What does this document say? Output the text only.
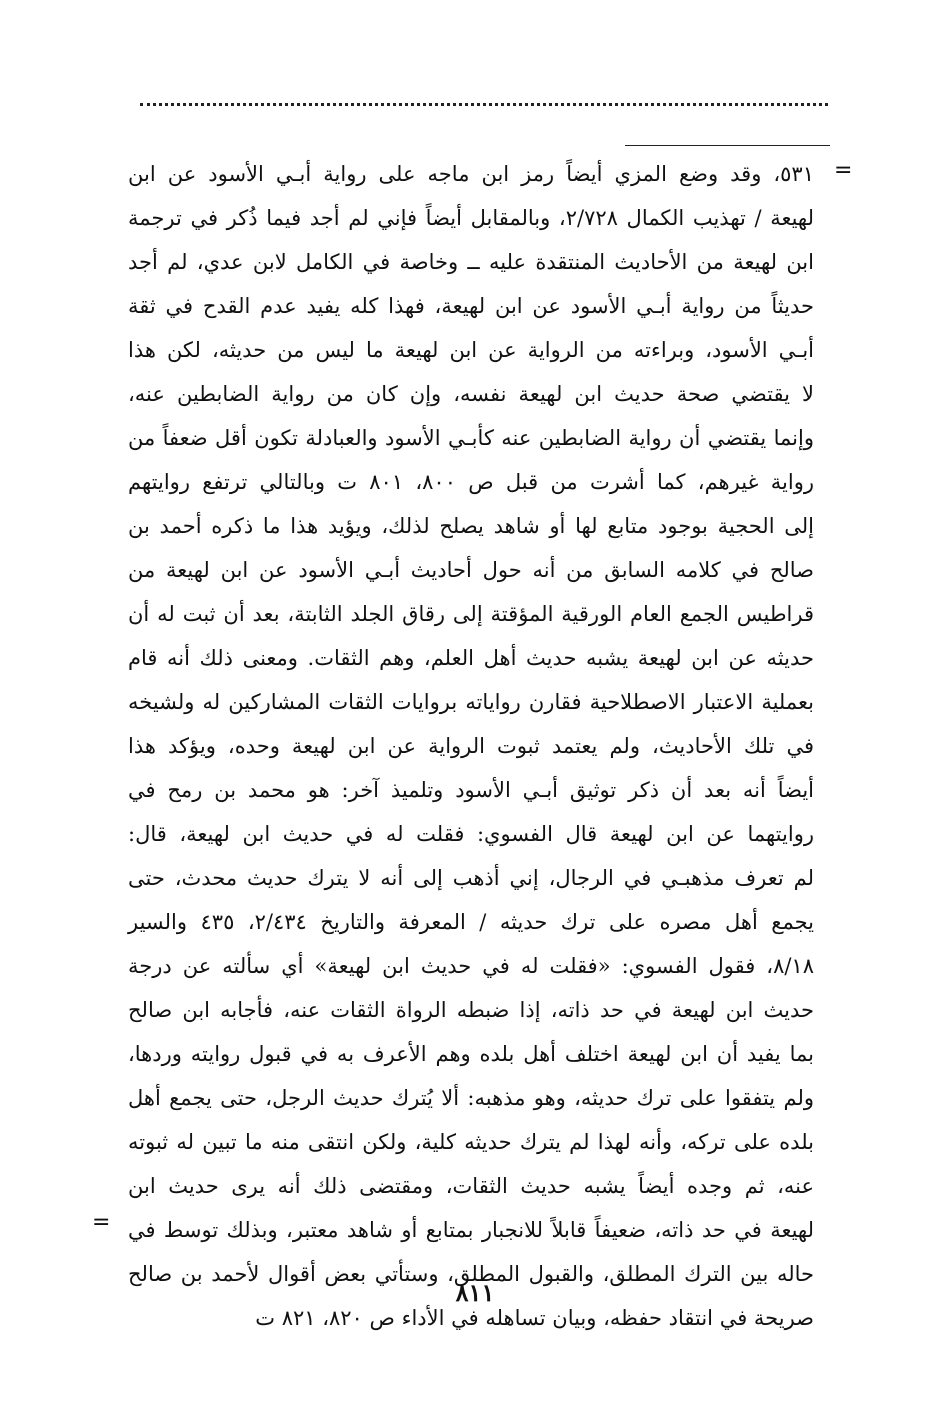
=
٥٣١، وقد وضع المزي أيضاً رمز ابن ماجه على رواية أبـي الأسود عن ابن
لهيعة / تهذيب الكمال ٢/٧٢٨، وبالمقابل أيضاً فإني لم أجد فيما ذُكر في ترجمة
ابن لهيعة من الأحاديث المنتقدة عليه ــ وخاصة في الكامل لابن عدي، لم أجد
حديثاً من رواية أبـي الأسود عن ابن لهيعة، فهذا كله يفيد عدم القدح في ثقة
أبـي الأسود، وبراءته من الرواية عن ابن لهيعة ما ليس من حديثه، لكن هذا
لا يقتضي صحة حديث ابن لهيعة نفسه، وإن كان من رواية الضابطين عنه،
وإنما يقتضي أن رواية الضابطين عنه كأبـي الأسود والعبادلة تكون أقل ضعفاً من
رواية غيرهم، كما أشرت من قبل ص ٨٠٠، ٨٠١ ت وبالتالي ترتفع روايتهم
إلى الحجية بوجود متابع لها أو شاهد يصلح لذلك، ويؤيد هذا ما ذكره أحمد بن
صالح في كلامه السابق من أنه حول أحاديث أبـي الأسود عن ابن لهيعة من
قراطيس الجمع العام الورقية المؤقتة إلى رقاق الجلد الثابتة، بعد أن ثبت له أن
حديثه عن ابن لهيعة يشبه حديث أهل العلم، وهم الثقات. ومعنى ذلك أنه قام
بعملية الاعتبار الاصطلاحية فقارن رواياته بروايات الثقات المشاركين له ولشيخه
في تلك الأحاديث، ولم يعتمد ثبوت الرواية عن ابن لهيعة وحده، ويؤكد هذا
أيضاً أنه بعد أن ذكر توثيق أبـي الأسود وتلميذ آخر: هو محمد بن رمح في
روايتهما عن ابن لهيعة قال الفسوي: فقلت له في حديث ابن لهيعة، قال:
لم تعرف مذهبـي في الرجال، إني أذهب إلى أنه لا يترك حديث محدث، حتى
يجمع أهل مصره على ترك حديثه / المعرفة والتاريخ ٢/٤٣٤، ٤٣٥ والسير
٨/١٨، فقول الفسوي: «فقلت له في حديث ابن لهيعة» أي سألته عن درجة
حديث ابن لهيعة في حد ذاته، إذا ضبطه الرواة الثقات عنه، فأجابه ابن صالح
بما يفيد أن ابن لهيعة اختلف أهل بلده وهم الأعرف به في قبول روايته وردها،
ولم يتفقوا على ترك حديثه، وهو مذهبه: ألا يُترك حديث الرجل، حتى يجمع أهل
بلده على تركه، وأنه لهذا لم يترك حديثه كلية، ولكن انتقى منه ما تبين له ثبوته
عنه، ثم وجده أيضاً يشبه حديث الثقات، ومقتضى ذلك أنه يرى حديث ابن
لهيعة في حد ذاته، ضعيفاً قابلاً للانجبار بمتابع أو شاهد معتبر، وبذلك توسط في
حاله بين الترك المطلق، والقبول المطلق، وستأتي بعض أقوال لأحمد بن صالح
صريحة في انتقاد حفظه، وبيان تساهله في الأداء ص ٨٢٠، ٨٢١ ت
=
٨١١
